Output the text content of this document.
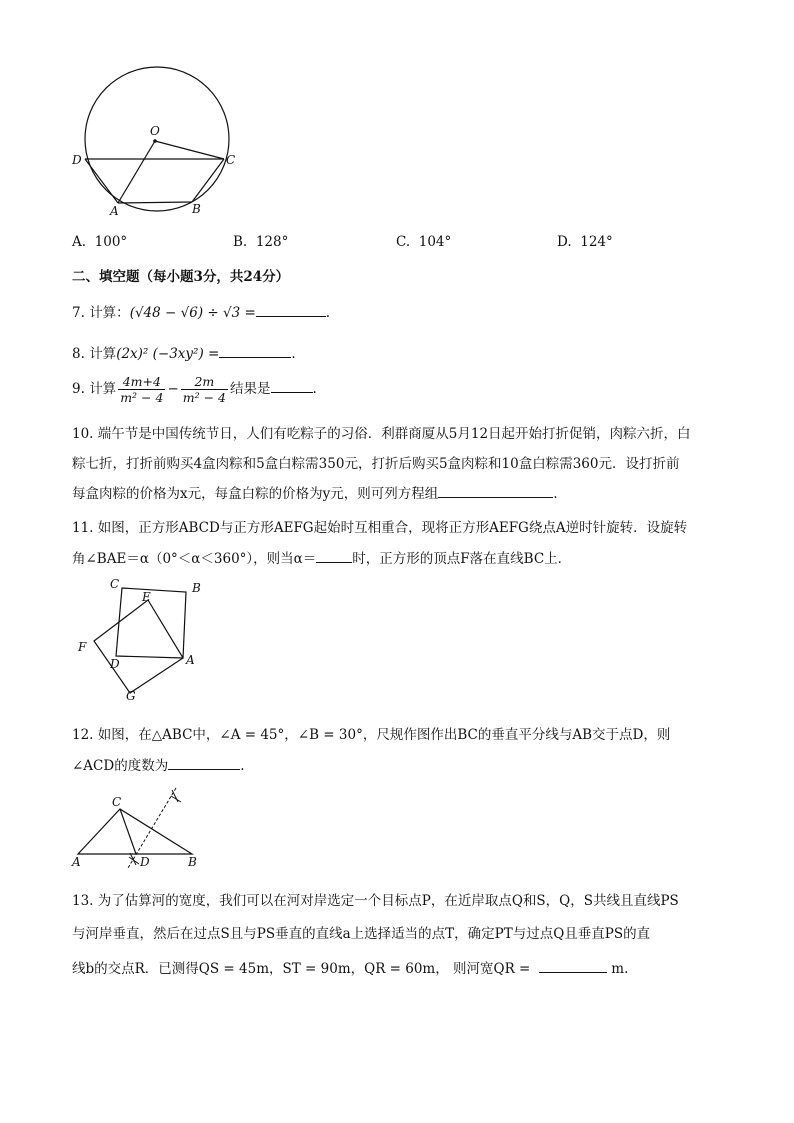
O
D	C
A	B
A. 100°	B. 128°	C. 104°	D. 124°
二、填空题（每小题3分，共24分）
7. 计算：(√48 − √6) ÷ √3 =	.
8. 计算(2x)² (−3xy²) =	.
9. 计算 $\frac{4m+4}{\text{m² − 4}} - \frac{2m}{\text{m² − 4}}$ 结果是	.
10. 端午节是中国传统节日，人们有吃粽子的习俗．利群商厦从5月12日起开始打折促销，肉粽六折，白
粽七折，打折前购买4盒肉粽和5盒白粽需350元，打折后购买5盒肉粽和10盒白粽需360元．设打折前
每盒肉粽的价格为x元，每盒白粽的价格为y元，则可列方程组	.
11. 如图，正方形ABCD与正方形AEFG起始时互相重合，现将正方形AEFG绕点A逆时针旋转．设旋转
角∠BAE＝α（0°＜α＜360°），则当α＝	时，正方形的顶点F落在直线BC上．
C	B
E
F
D	A
G
12. 如图，在△ABC中，∠A = 45°，∠B = 30°，尺规作图作出BC的垂直平分线与AB交于点D，则
∠ACD的度数为	.
C
A	D	B
13. 为了估算河的宽度，我们可以在河对岸选定一个目标点P，在近岸取点Q和S，Q，S共线且直线PS
与河岸垂直，然后在过点S且与PS垂直的直线a上选择适当的点T，确定PT与过点Q且垂直PS的直
线b的交点R．已测得QS = 45m，ST = 90m，QR = 60m， 则河宽QR =	m.
